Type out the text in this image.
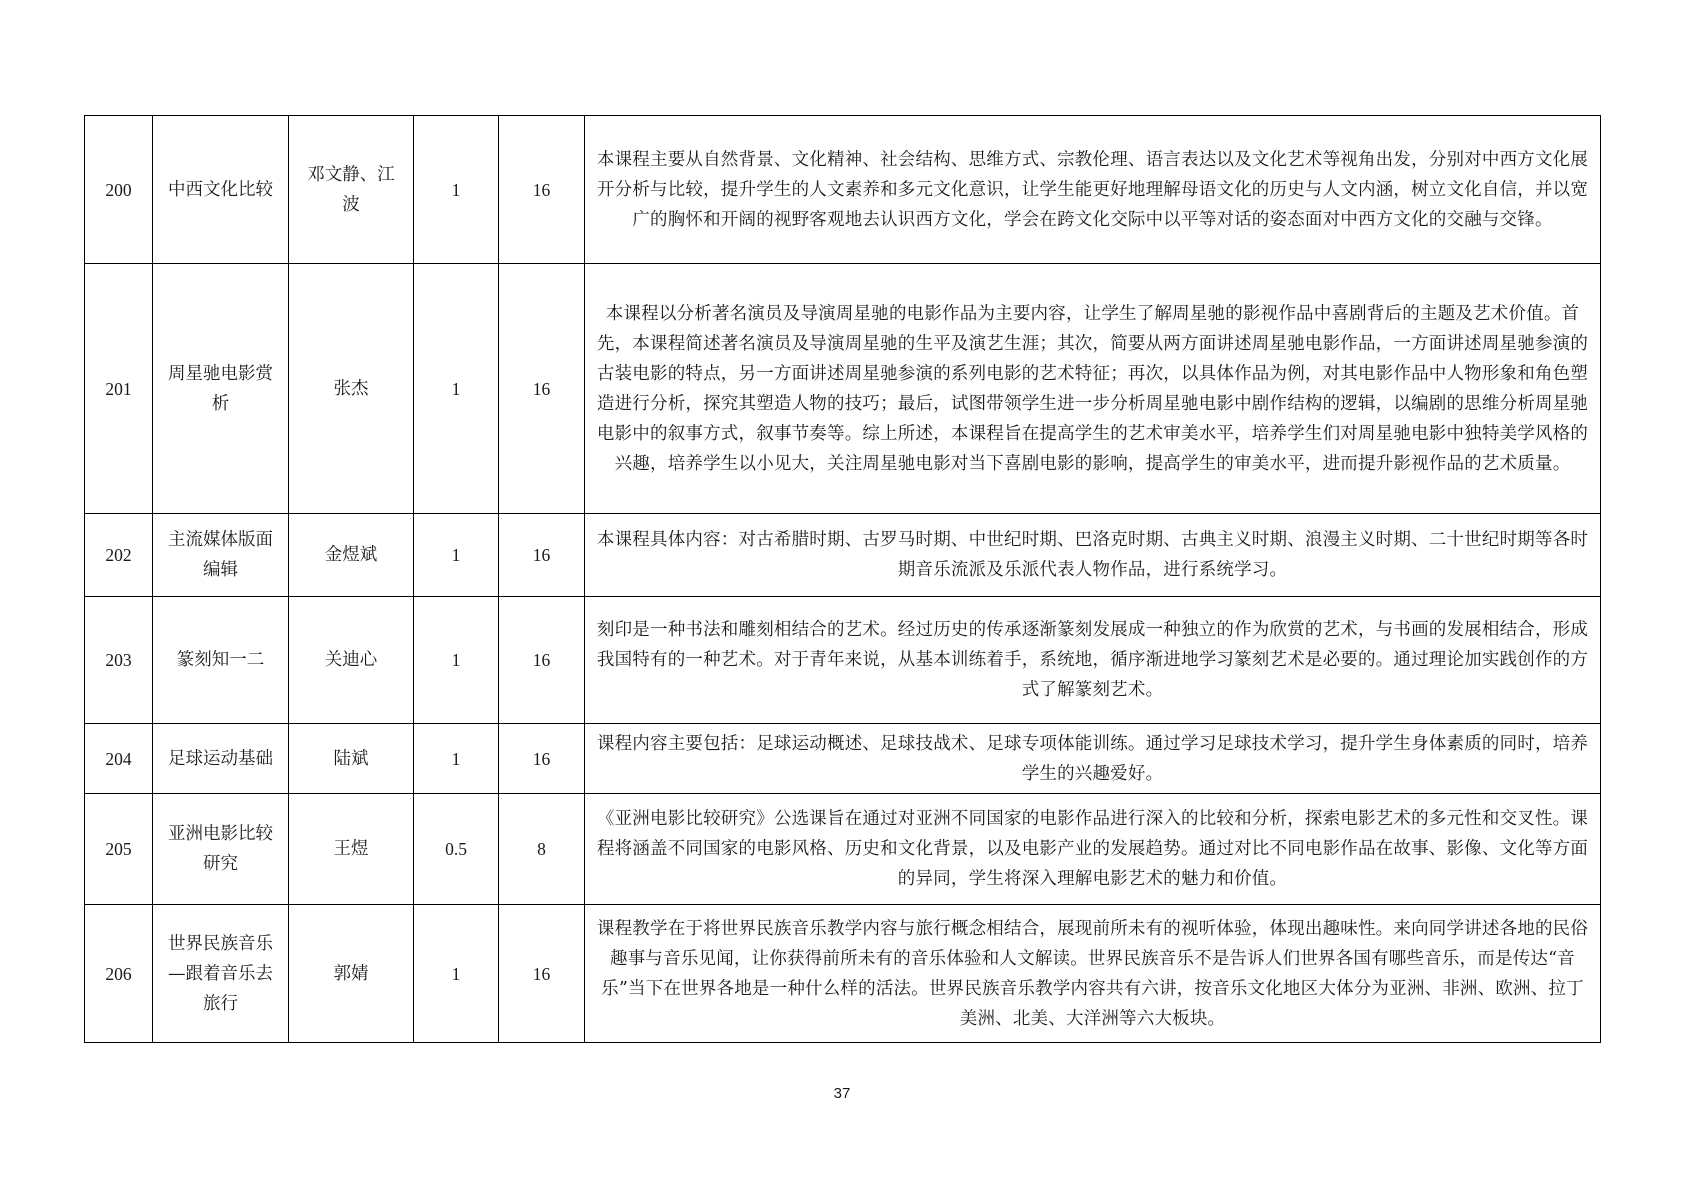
200	中西文化比较	邓文静、江波	1	16	本课程主要从自然背景、文化精神、社会结构、思维方式、宗教伦理、语言表达以及文化艺术等视角出发，分别对中西方文化展开分析与比较，提升学生的人文素养和多元文化意识，让学生能更好地理解母语文化的历史与人文内涵，树立文化自信，并以宽广的胸怀和开阔的视野客观地去认识西方文化，学会在跨文化交际中以平等对话的姿态面对中西方文化的交融与交锋。
201	周星驰电影赏析	张杰	1	16	本课程以分析著名演员及导演周星驰的电影作品为主要内容，让学生了解周星驰的影视作品中喜剧背后的主题及艺术价值。首先，本课程简述著名演员及导演周星驰的生平及演艺生涯；其次，简要从两方面讲述周星驰电影作品，一方面讲述周星驰参演的古装电影的特点，另一方面讲述周星驰参演的系列电影的艺术特征；再次，以具体作品为例，对其电影作品中人物形象和角色塑造进行分析，探究其塑造人物的技巧；最后，试图带领学生进一步分析周星驰电影中剧作结构的逻辑，以编剧的思维分析周星驰电影中的叙事方式，叙事节奏等。综上所述，本课程旨在提高学生的艺术审美水平，培养学生们对周星驰电影中独特美学风格的兴趣，培养学生以小见大，关注周星驰电影对当下喜剧电影的影响，提高学生的审美水平，进而提升影视作品的艺术质量。
202	主流媒体版面编辑	金煜斌	1	16	本课程具体内容：对古希腊时期、古罗马时期、中世纪时期、巴洛克时期、古典主义时期、浪漫主义时期、二十世纪时期等各时期音乐流派及乐派代表人物作品，进行系统学习。
203	篆刻知一二	关迪心	1	16	刻印是一种书法和雕刻相结合的艺术。经过历史的传承逐渐篆刻发展成一种独立的作为欣赏的艺术，与书画的发展相结合，形成我国特有的一种艺术。对于青年来说，从基本训练着手，系统地，循序渐进地学习篆刻艺术是必要的。通过理论加实践创作的方式了解篆刻艺术。
204	足球运动基础	陆斌	1	16	课程内容主要包括：足球运动概述、足球技战术、足球专项体能训练。通过学习足球技术学习，提升学生身体素质的同时，培养学生的兴趣爱好。
205	亚洲电影比较研究	王煜	0.5	8	《亚洲电影比较研究》公选课旨在通过对亚洲不同国家的电影作品进行深入的比较和分析，探索电影艺术的多元性和交叉性。课程将涵盖不同国家的电影风格、历史和文化背景，以及电影产业的发展趋势。通过对比不同电影作品在故事、影像、文化等方面的异同，学生将深入理解电影艺术的魅力和价值。
206	世界民族音乐—跟着音乐去旅行	郭婧	1	16	课程教学在于将世界民族音乐教学内容与旅行概念相结合，展现前所未有的视听体验，体现出趣味性。来向同学讲述各地的民俗趣事与音乐见闻，让你获得前所未有的音乐体验和人文解读。世界民族音乐不是告诉人们世界各国有哪些音乐，而是传达“音乐”当下在世界各地是一种什么样的活法。世界民族音乐教学内容共有六讲，按音乐文化地区大体分为亚洲、非洲、欧洲、拉丁美洲、北美、大洋洲等六大板块。
37
